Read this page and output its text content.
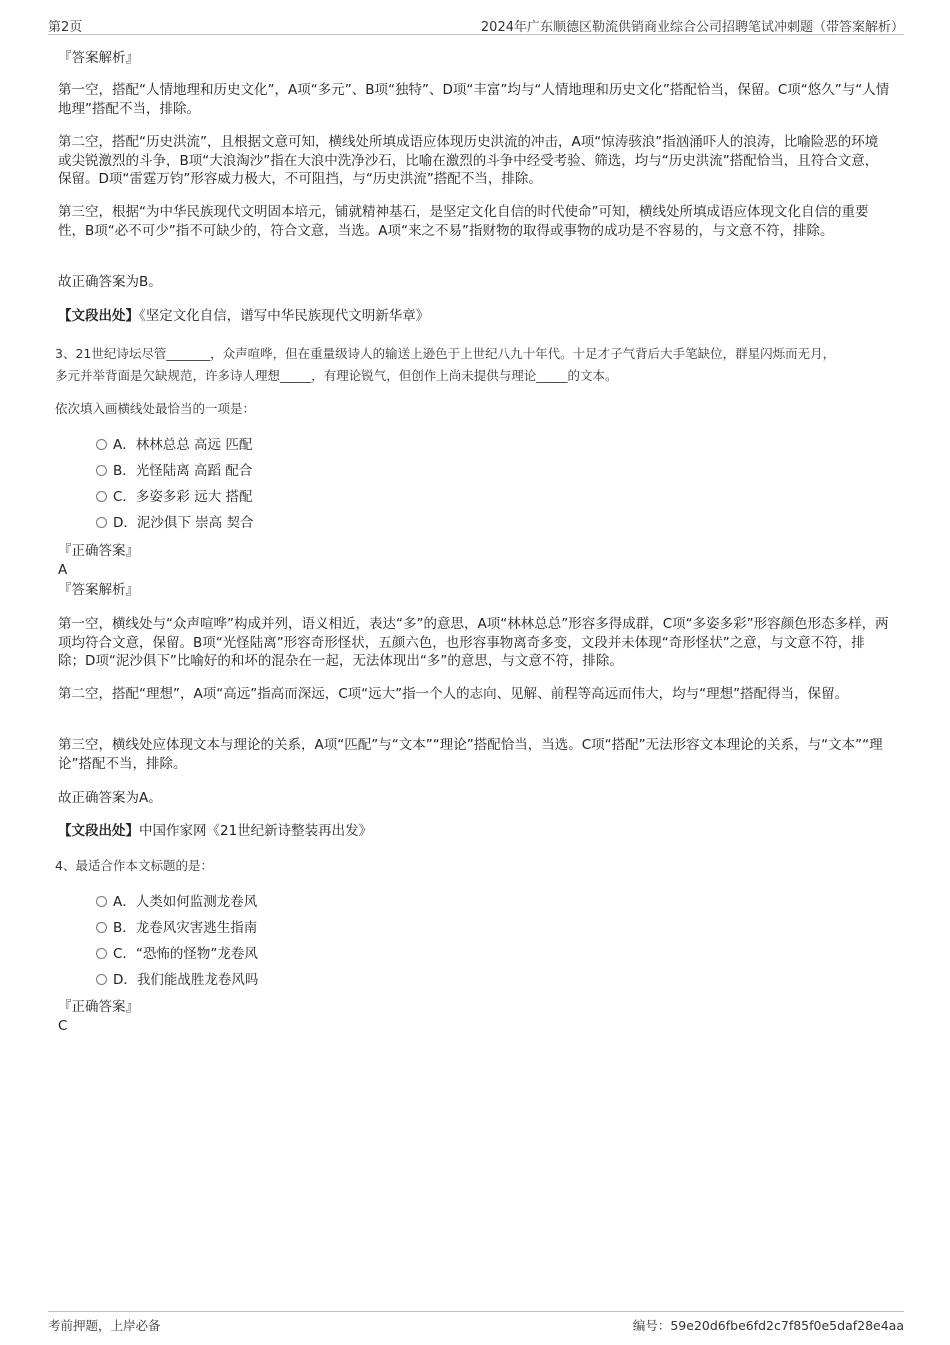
第2页	2024年广东顺德区勒流供销商业综合公司招聘笔试冲刺题（带答案解析）

『答案解析』

第一空，搭配“人情地理和历史文化”，A项“多元”、B项“独特”、D项“丰富”均与“人情地理和历史文化”搭配恰当，保留。C项“悠久”与“人情地理”搭配不当，排除。

第二空，搭配“历史洪流”，且根据文意可知，横线处所填成语应体现历史洪流的冲击，A项“惊涛骇浪”指汹涌吓人的浪涛，比喻险恶的环境或尖锐激烈的斗争，B项“大浪淘沙”指在大浪中洗净沙石，比喻在激烈的斗争中经受考验、筛选，均与“历史洪流”搭配恰当，且符合文意，保留。D项“雷霆万钧”形容威力极大，不可阻挡，与“历史洪流”搭配不当，排除。

第三空，根据“为中华民族现代文明固本培元，铺就精神基石，是坚定文化自信的时代使命”可知，横线处所填成语应体现文化自信的重要性，B项“必不可少”指不可缺少的，符合文意，当选。A项“来之不易”指财物的取得或事物的成功是不容易的，与文意不符，排除。

故正确答案为B。

【文段出处】《坚定文化自信，谱写中华民族现代文明新华章》

3、21世纪诗坛尽管_______，众声喧哗，但在重量级诗人的输送上逊色于上世纪八九十年代。十足才子气背后大手笔缺位，群星闪烁而无月，

多元并举背面是欠缺规范，许多诗人理想_____，有理论锐气，但创作上尚未提供与理论_____的文本。

依次填入画横线处最恰当的一项是：

A．林林总总 高远 匹配
B．光怪陆离 高蹈 配合
C．多姿多彩 远大 搭配
D．泥沙俱下 崇高 契合

『正确答案』

A

『答案解析』

第一空，横线处与“众声喧哗”构成并列，语义相近，表达“多”的意思，A项“林林总总”形容多得成群，C项“多姿多彩”形容颜色形态多样，两项均符合文意，保留。B项“光怪陆离”形容奇形怪状，五颜六色，也形容事物离奇多变，文段并未体现“奇形怪状”之意，与文意不符，排除；D项“泥沙俱下”比喻好的和坏的混杂在一起，无法体现出“多”的意思，与文意不符，排除。

第二空，搭配“理想”，A项“高远”指高而深远，C项“远大”指一个人的志向、见解、前程等高远而伟大，均与“理想”搭配得当，保留。

第三空，横线处应体现文本与理论的关系，A项“匹配”与“文本”“理论”搭配恰当，当选。C项“搭配”无法形容文本理论的关系，与“文本”“理论”搭配不当，排除。

故正确答案为A。

【文段出处】中国作家网《21世纪新诗整装再出发》

4、最适合作本文标题的是：

A．人类如何监测龙卷风
B．龙卷风灾害逃生指南
C．“恐怖的怪物”龙卷风
D．我们能战胜龙卷风吗

『正确答案』

C

考前押题，上岸必备	编号：59e20d6fbe6fd2c7f85f0e5daf28e4aa
